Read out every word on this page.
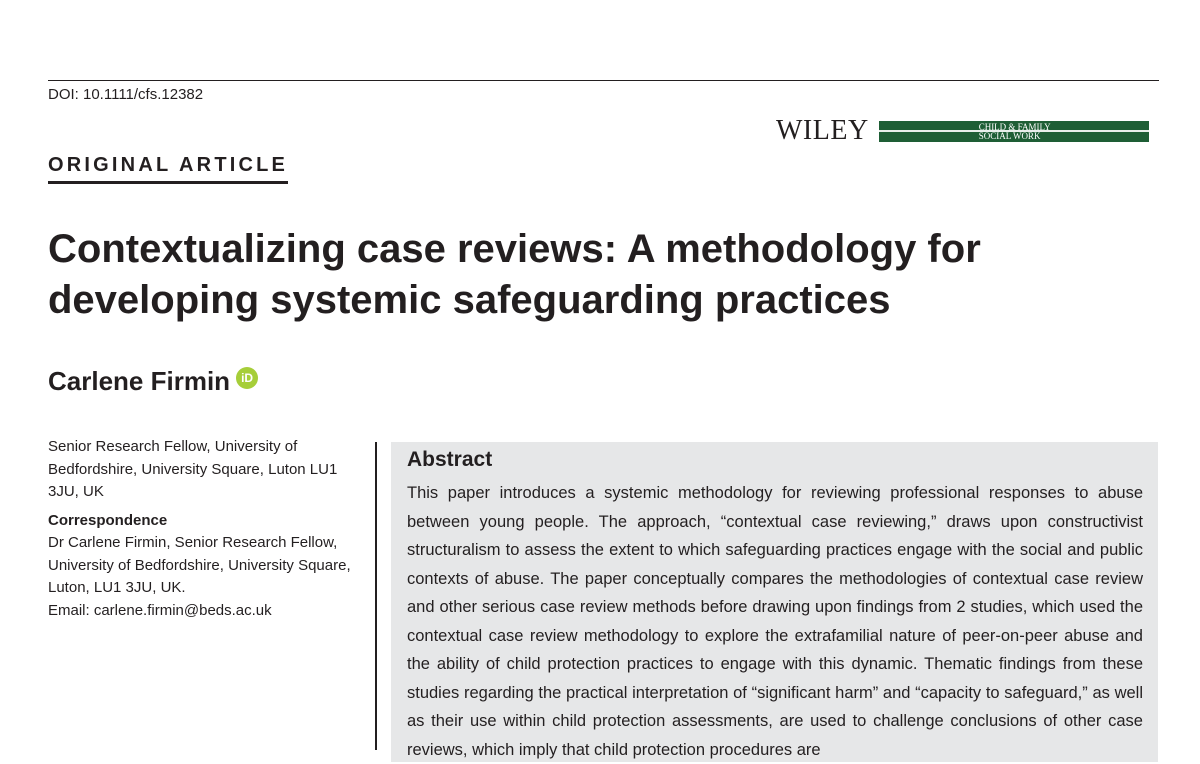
DOI: 10.1111/cfs.12382
WILEY	CHILD & FAMILY
SOCIAL WORK
ORIGINAL ARTICLE
Contextualizing case reviews: A methodology for developing systemic safeguarding practices
Carlene Firmin iD

Senior Research Fellow, University of Bedfordshire, University Square, Luton LU1 3JU, UK

Correspondence

Dr Carlene Firmin, Senior Research Fellow, University of Bedfordshire, University Square, Luton, LU1 3JU, UK.

Email: carlene.firmin@beds.ac.uk

Abstract
This paper introduces a systemic methodology for reviewing professional responses to abuse between young people. The approach, “contextual case reviewing,” draws upon constructivist structuralism to assess the extent to which safeguarding practices engage with the social and public contexts of abuse. The paper conceptually compares the methodologies of contextual case review and other serious case review methods before drawing upon findings from 2 studies, which used the contextual case review methodology to explore the extrafamilial nature of peer-on-peer abuse and the ability of child protection practices to engage with this dynamic. Thematic findings from these studies regarding the practical interpretation of “significant harm” and “capacity to safeguard,” as well as their use within child protection assessments, are used to challenge conclusions of other case reviews, which imply that child protection procedures are
